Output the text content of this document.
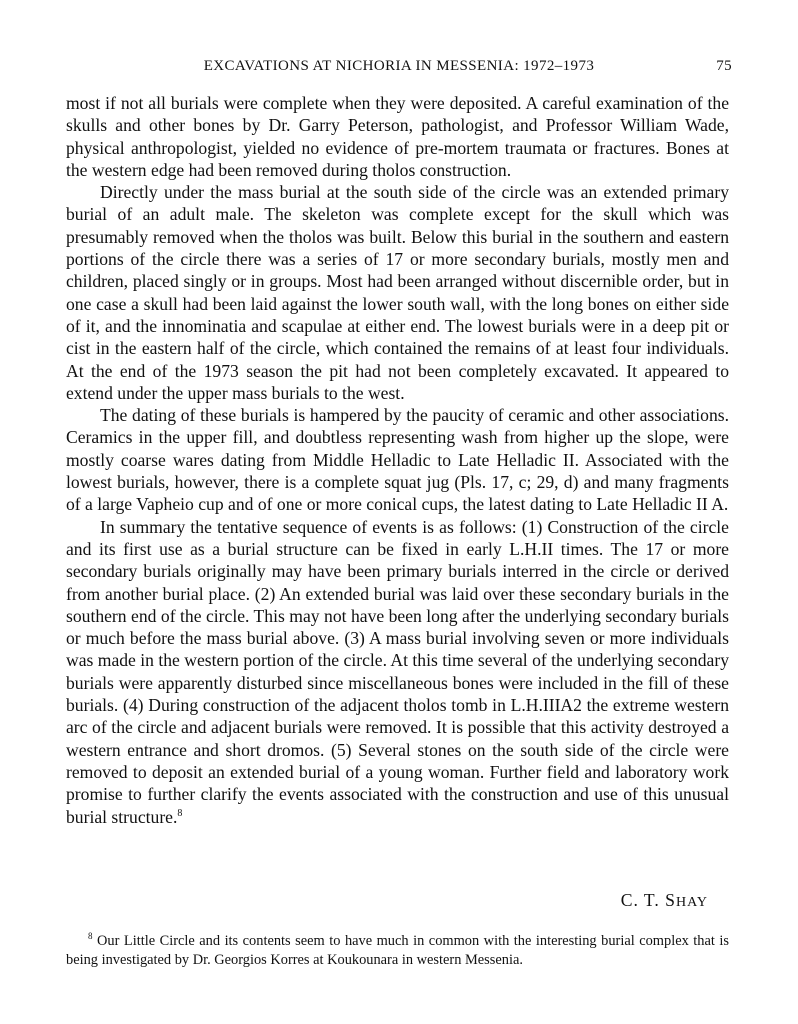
EXCAVATIONS AT NICHORIA IN MESSENIA: 1972–1973	75

most if not all burials were complete when they were deposited. A careful examination of the skulls and other bones by Dr. Garry Peterson, pathologist, and Professor William Wade, physical anthropologist, yielded no evidence of pre-mortem traumata or fractures. Bones at the western edge had been removed during tholos construction.

Directly under the mass burial at the south side of the circle was an extended primary burial of an adult male. The skeleton was complete except for the skull which was presumably removed when the tholos was built. Below this burial in the southern and eastern portions of the circle there was a series of 17 or more secondary burials, mostly men and children, placed singly or in groups. Most had been arranged without discernible order, but in one case a skull had been laid against the lower south wall, with the long bones on either side of it, and the innominatia and scapulae at either end. The lowest burials were in a deep pit or cist in the eastern half of the circle, which contained the remains of at least four individuals. At the end of the 1973 season the pit had not been completely excavated. It appeared to extend under the upper mass burials to the west.

The dating of these burials is hampered by the paucity of ceramic and other associations. Ceramics in the upper fill, and doubtless representing wash from higher up the slope, were mostly coarse wares dating from Middle Helladic to Late Helladic II. Associated with the lowest burials, however, there is a complete squat jug (Pls. 17, c; 29, d) and many fragments of a large Vapheio cup and of one or more conical cups, the latest dating to Late Helladic II A.

In summary the tentative sequence of events is as follows: (1) Construction of the circle and its first use as a burial structure can be fixed in early L.H.II times. The 17 or more secondary burials originally may have been primary burials interred in the circle or derived from another burial place. (2) An extended burial was laid over these secondary burials in the southern end of the circle. This may not have been long after the underlying secondary burials or much before the mass burial above. (3) A mass burial involving seven or more individuals was made in the western portion of the circle. At this time several of the underlying secondary burials were apparently disturbed since miscellaneous bones were included in the fill of these burials. (4) During construction of the adjacent tholos tomb in L.H.IIIA2 the extreme western arc of the circle and adjacent burials were removed. It is possible that this activity destroyed a western entrance and short dromos. (5) Several stones on the south side of the circle were removed to deposit an extended burial of a young woman. Further field and laboratory work promise to further clarify the events associated with the construction and use of this unusual burial structure.$^8$

C. T. SHAY

$^8$ Our Little Circle and its contents seem to have much in common with the interesting burial complex that is being investigated by Dr. Georgios Korres at Koukounara in western Messenia.
